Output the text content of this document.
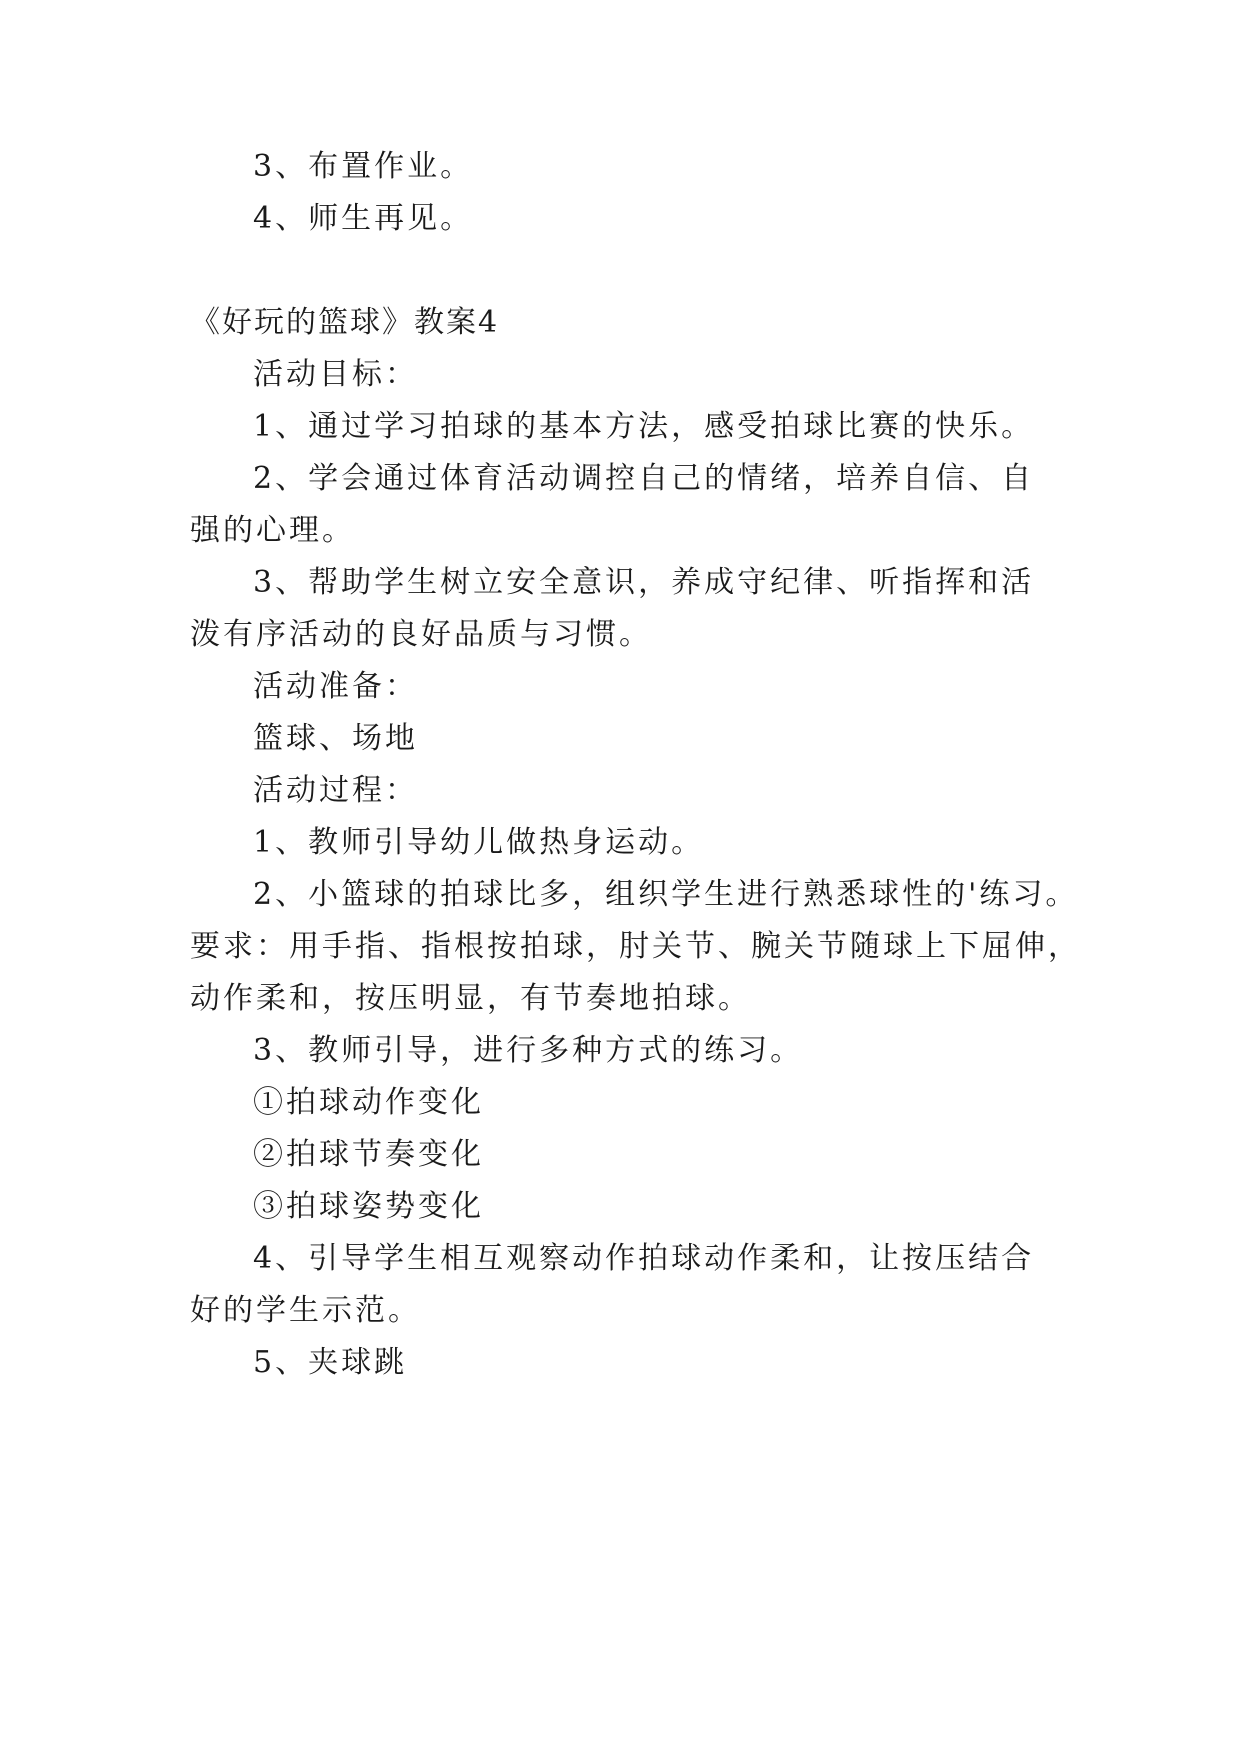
3、布置作业。
4、师生再见。
《好玩的篮球》教案4
活动目标：
1、通过学习拍球的基本方法，感受拍球比赛的快乐。
2、学会通过体育活动调控自己的情绪，培养自信、自
强的心理。
3、帮助学生树立安全意识，养成守纪律、听指挥和活
泼有序活动的良好品质与习惯。
活动准备：
篮球、场地
活动过程：
1、教师引导幼儿做热身运动。
2、小篮球的拍球比多，组织学生进行熟悉球性的'练习。
要求：用手指、指根按拍球，肘关节、腕关节随球上下屈伸，
动作柔和，按压明显，有节奏地拍球。
3、教师引导，进行多种方式的练习。
①拍球动作变化
②拍球节奏变化
③拍球姿势变化
4、引导学生相互观察动作拍球动作柔和，让按压结合
好的学生示范。
5、夹球跳
